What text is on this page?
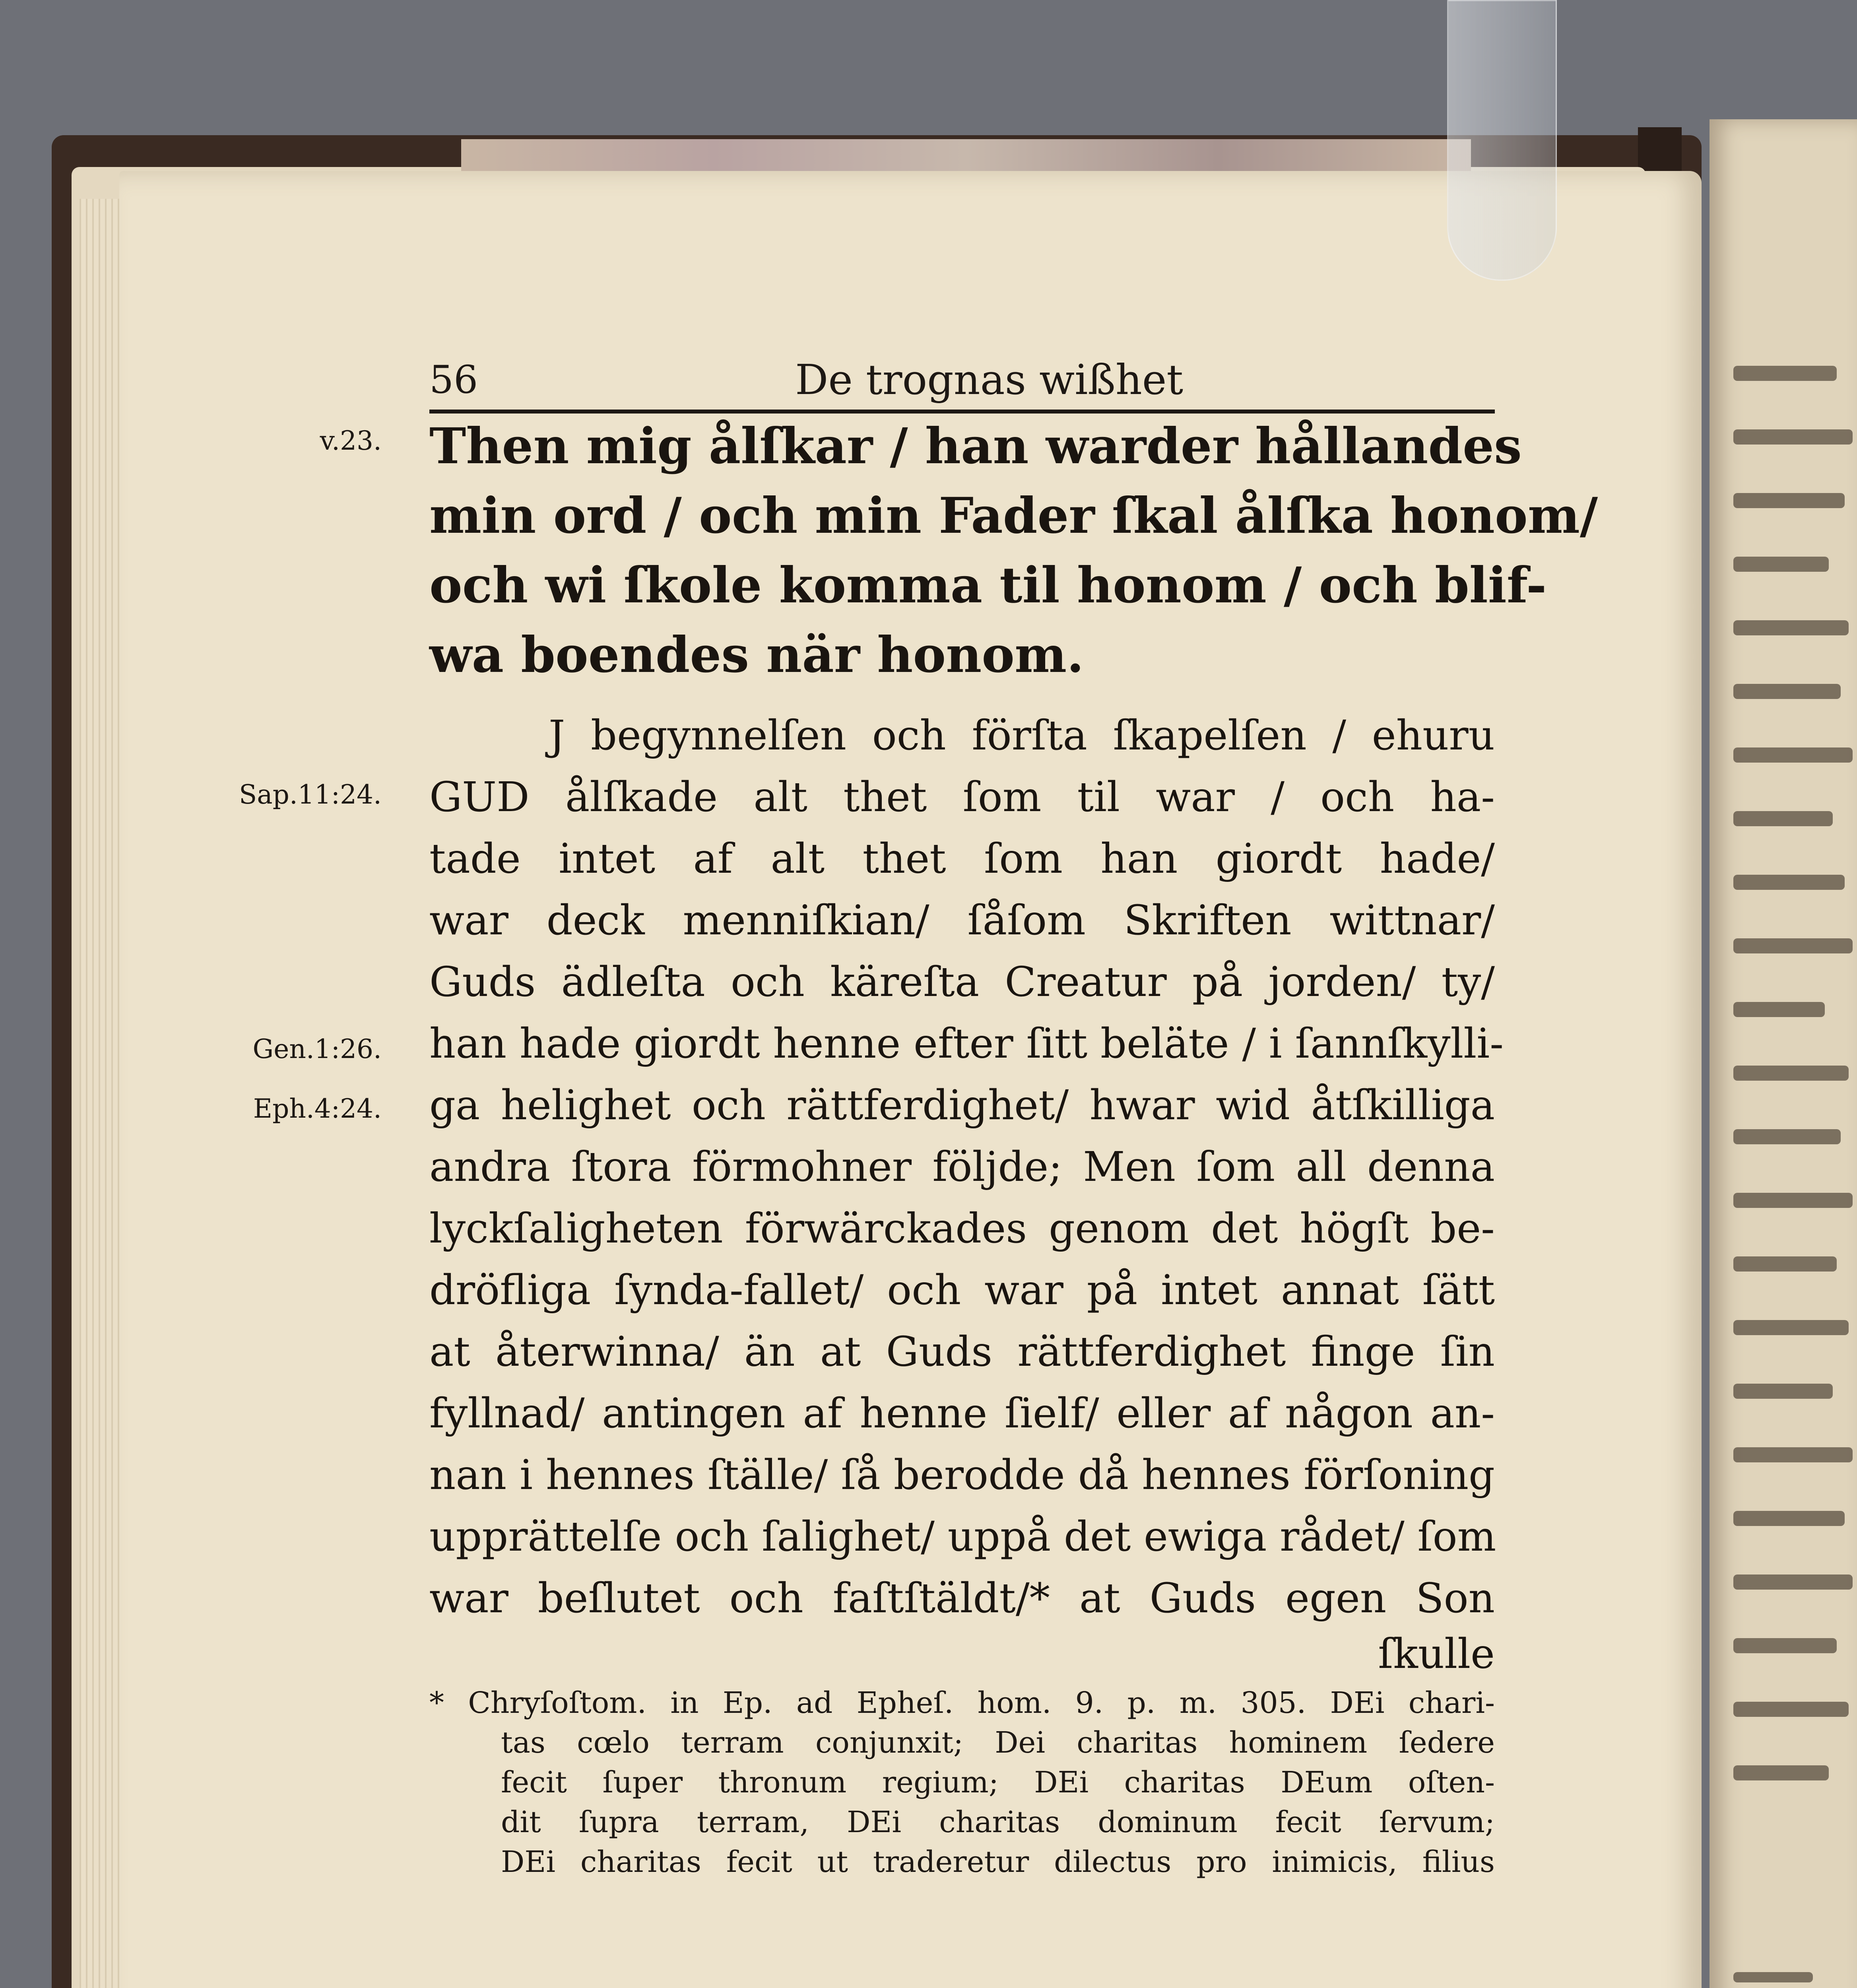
56	De trognas wißhet
v.23.
Sap.11:24.
Gen.1:26.
Eph.4:24.

Then mig ålſkar / han warder hållandes

min ord / och min Fader ſkal ålſka honom/

och wi ſkole komma til honom / och blif-

wa boendes när honom.

J begynnelſen och förſta ſkapelſen / ehuru

GUD ålſkade alt thet ſom til war / och ha-

tade intet af alt thet ſom han giordt hade/

war deck menniſkian/ ſåſom Skriften wittnar/

Guds ädleſta och käreſta Creatur på jorden/ ty/

han hade giordt henne efter ſitt beläte / i ſannſkylli-

ga helighet och rättferdighet/ hwar wid åtſkilliga

andra ſtora förmohner följde; Men ſom all denna

lyckſaligheten förwärckades genom det högſt be-

dröfliga ſynda-fallet/ och war på intet annat ſätt

at återwinna/ än at Guds rättferdighet finge ſin

fyllnad/ antingen af henne ſielf/ eller af någon an-

nan i hennes ſtälle/ ſå berodde då hennes förſoning

upprättelſe och ſalighet/ uppå det ewiga rådet/ ſom

war beſlutet och faſtſtäldt/* at Guds egen Son

ſkulle

* Chryſoſtom. in Ep. ad Epheſ. hom. 9. p. m. 305. DEi chari-

tas cœlo terram conjunxit; Dei charitas hominem ſedere

fecit ſuper thronum regium; DEi charitas DEum oſten-

dit ſupra terram, DEi charitas dominum fecit ſervum;

DEi charitas fecit ut traderetur dilectus pro inimicis, filius
